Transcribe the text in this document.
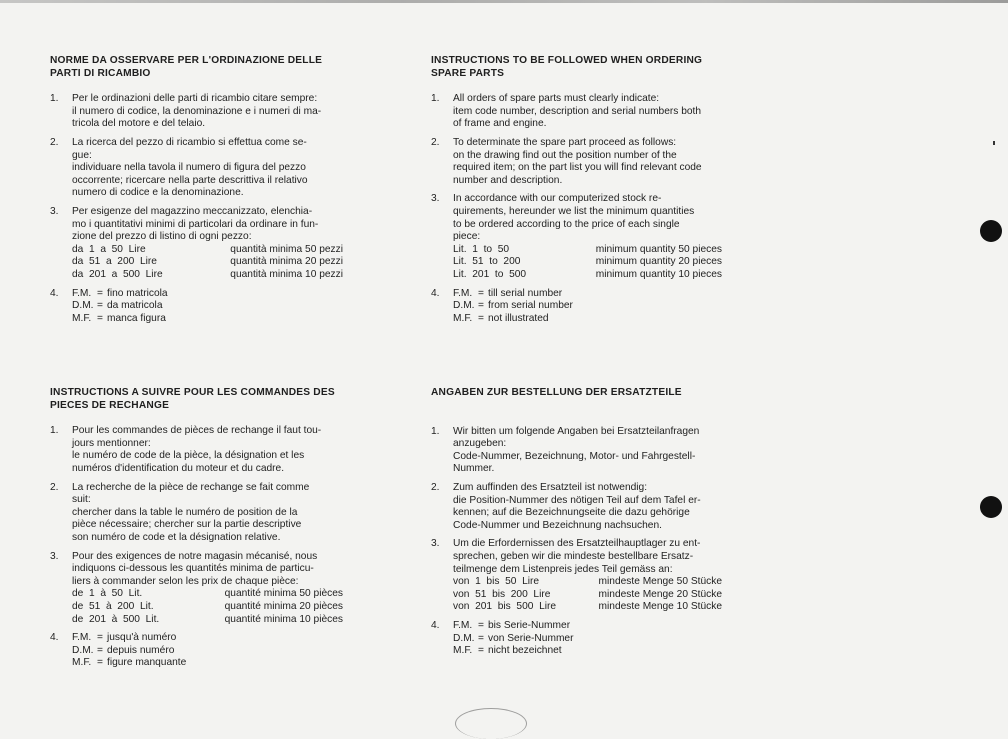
NORME DA OSSERVARE PER L'ORDINAZIONE DELLE
PARTI DI RICAMBIO
1. Per le ordinazioni delle parti di ricambio citare sempre:
il numero di codice, la denominazione e i numeri di ma-
tricola del motore e del telaio.
2. La ricerca del pezzo di ricambio si effettua come se-
gue:
individuare nella tavola il numero di figura del pezzo
occorrente; ricercare nella parte descrittiva il relativo
numero di codice e la denominazione.
3. Per esigenze del magazzino meccanizzato, elenchia-
mo i quantitativi minimi di particolari da ordinare in fun-
zione del prezzo di listino di ogni pezzo:
da  1  a  50  Lire	quantità minima 50 pezzi
da  51  a  200  Lire	quantità minima 20 pezzi
da  201  a  500  Lire	quantità minima 10 pezzi
4. F.M. = fino matricola
D.M. = da matricola
M.F. = manca figura
INSTRUCTIONS TO BE FOLLOWED WHEN ORDERING
SPARE PARTS
1. All orders of spare parts must clearly indicate:
item code number, description and serial numbers both
of frame and engine.
2. To determinate the spare part proceed as follows:
on the drawing find out the position number of the
required item; on the part list you will find relevant code
number and description.
3. In accordance with our computerized stock re-
quirements, hereunder we list the minimum quantities
to be ordered according to the price of each single
piece:
Lit.  1  to  50	minimum quantity 50 pieces
Lit.  51  to  200	minimum quantity 20 pieces
Lit.  201  to  500	minimum quantity 10 pieces
4. F.M. = till serial number
D.M. = from serial number
M.F. = not illustrated
INSTRUCTIONS A SUIVRE POUR LES COMMANDES DES
PIECES DE RECHANGE
1. Pour les commandes de pièces de rechange il faut tou-
jours mentionner:
le numéro de code de la pièce, la désignation et les
numéros d'identification du moteur et du cadre.
2. La recherche de la pièce de rechange se fait comme
suit:
chercher dans la table le numéro de position de la
pièce nécessaire; chercher sur la partie descriptive
son numéro de code et la désignation relative.
3. Pour des exigences de notre magasin mécanisé, nous
indiquons ci-dessous les quantités minima de particu-
liers à commander selon les prix de chaque pièce:
de  1  à  50  Lit.	quantité minima 50 pièces
de  51  à  200  Lit.	quantité minima 20 pièces
de  201  à  500  Lit.	quantité minima 10 pièces
4. F.M. = jusqu'à numéro
D.M. = depuis numéro
M.F. = figure manquante
ANGABEN ZUR BESTELLUNG DER ERSATZTEILE
1. Wir bitten um folgende Angaben bei Ersatzteilanfragen
anzugeben:
Code-Nummer, Bezeichnung, Motor- und Fahrgestell-
Nummer.
2. Zum auffinden des Ersatzteil ist notwendig:
die Position-Nummer des nötigen Teil auf dem Tafel er-
kennen; auf die Bezeichnungseite die dazu gehörige
Code-Nummer und Bezeichnung nachsuchen.
3. Um die Erfordernissen des Ersatzteilhauptlager zu ent-
sprechen, geben wir die mindeste bestellbare Ersatz-
teilmenge dem Listenpreis jedes Teil gemäss an:
von  1  bis  50  Lire	mindeste Menge 50 Stücke
von  51  bis  200  Lire	mindeste Menge 20 Stücke
von  201  bis  500  Lire	mindeste Menge 10 Stücke
4. F.M. = bis Serie-Nummer
D.M. = von Serie-Nummer
M.F. = nicht bezeichnet
